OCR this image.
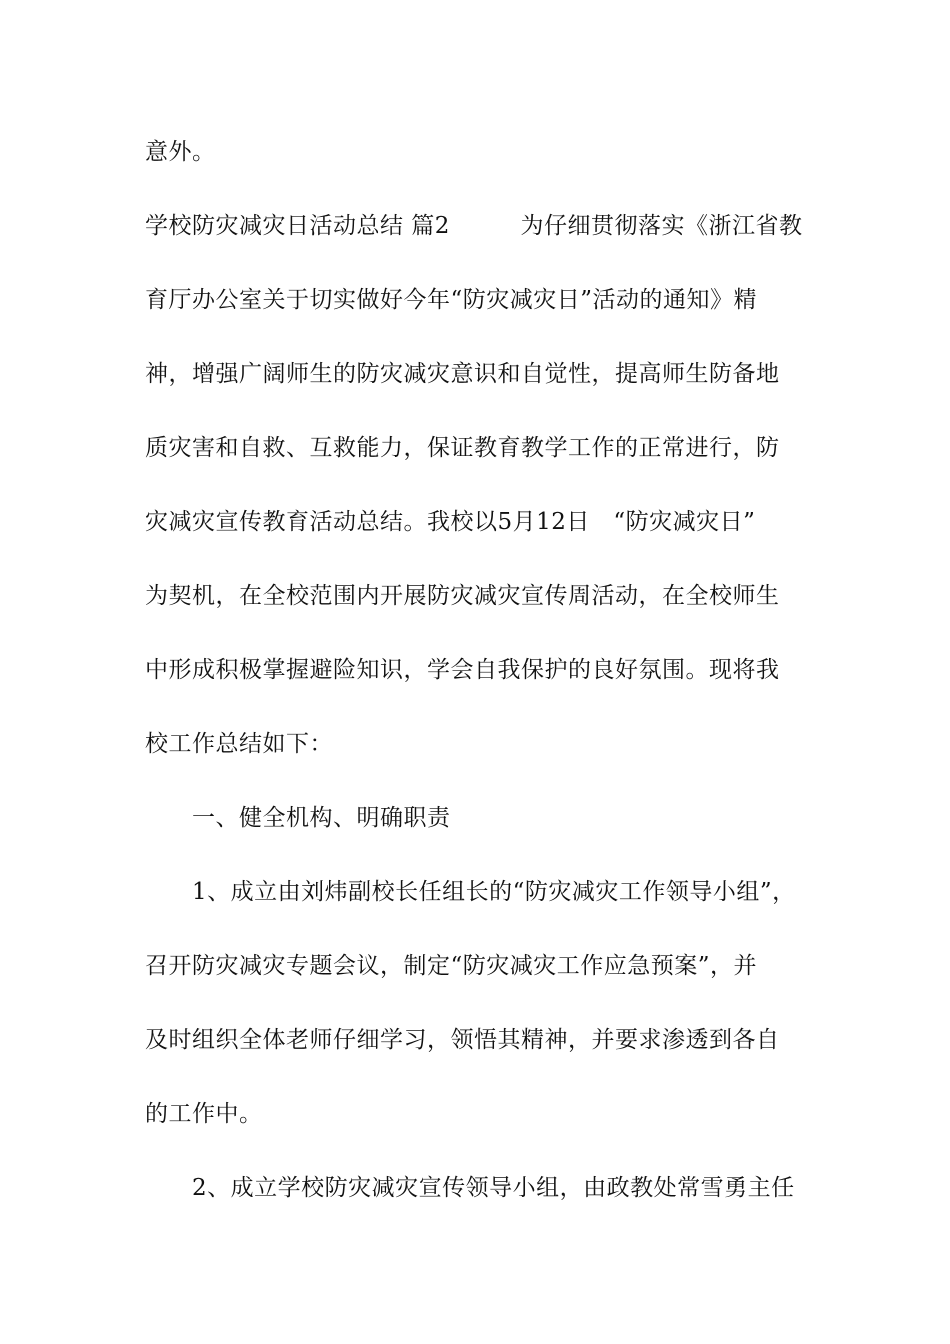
意外。
学校防灾减灾日活动总结 篇2　　　为仔细贯彻落实《浙江省教
育厅办公室关于切实做好今年“防灾减灾日”活动的通知》精
神，增强广阔师生的防灾减灾意识和自觉性，提高师生防备地
质灾害和自救、互救能力，保证教育教学工作的正常进行，防
灾减灾宣传教育活动总结。我校以5月12日　“防灾减灾日”
为契机，在全校范围内开展防灾减灾宣传周活动，在全校师生
中形成积极掌握避险知识，学会自我保护的良好氛围。现将我
校工作总结如下：
一、健全机构、明确职责
1、成立由刘炜副校长任组长的“防灾减灾工作领导小组”，
召开防灾减灾专题会议，制定“防灾减灾工作应急预案”，并
及时组织全体老师仔细学习，领悟其精神，并要求渗透到各自
的工作中。
2、成立学校防灾减灾宣传领导小组，由政教处常雪勇主任
